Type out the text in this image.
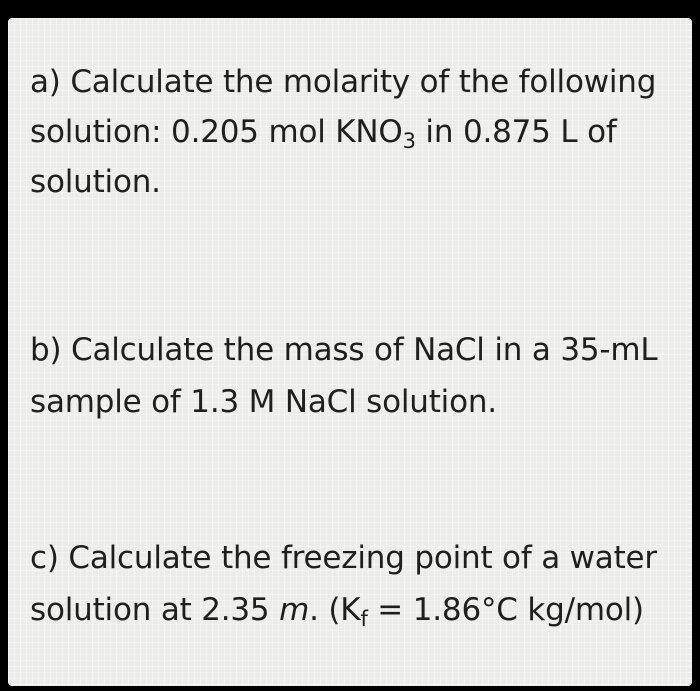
a) Calculate the molarity of the following

solution: 0.205 mol $KNO_3$ in 0.875 L of

solution.

b) Calculate the mass of NaCl in a 35-mL

sample of 1.3 M NaCl solution.

c) Calculate the freezing point of a water

solution at 2.35 m. ($K_f = 1.86^\circ C$ kg/mol)
